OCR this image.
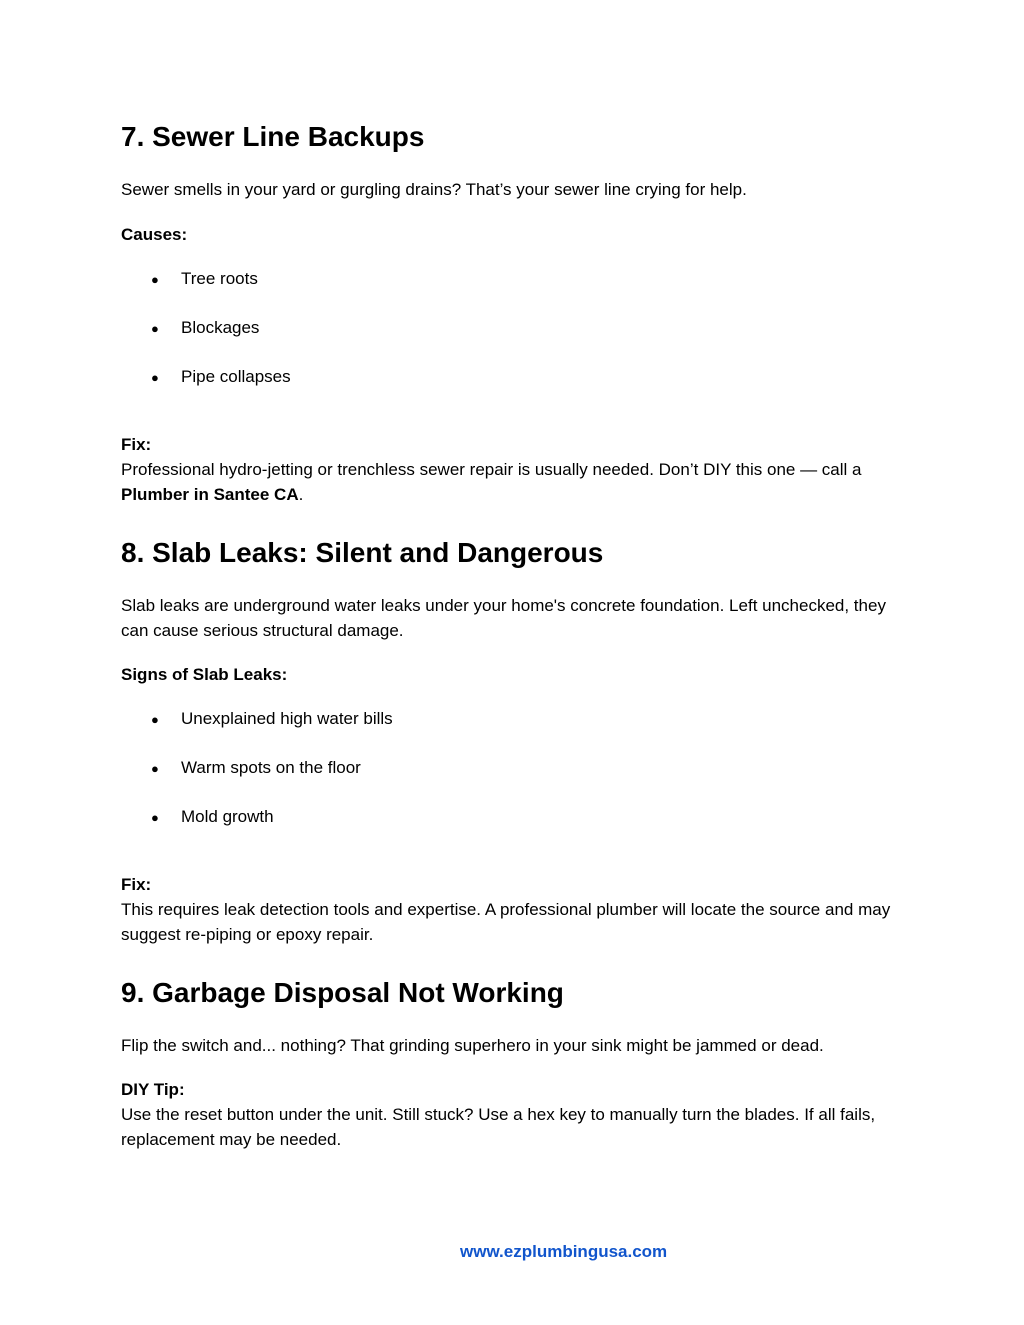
7. Sewer Line Backups

Sewer smells in your yard or gurgling drains? That’s your sewer line crying for help.

Causes:

● Tree roots
● Blockages
● Pipe collapses

Fix:

Professional hydro-jetting or trenchless sewer repair is usually needed. Don’t DIY this one — call a Plumber in Santee CA.

8. Slab Leaks: Silent and Dangerous

Slab leaks are underground water leaks under your home's concrete foundation. Left unchecked, they can cause serious structural damage.

Signs of Slab Leaks:

● Unexplained high water bills
● Warm spots on the floor
● Mold growth

Fix:

This requires leak detection tools and expertise. A professional plumber will locate the source and may suggest re-piping or epoxy repair.

9. Garbage Disposal Not Working

Flip the switch and... nothing? That grinding superhero in your sink might be jammed or dead.

DIY Tip:

Use the reset button under the unit. Still stuck? Use a hex key to manually turn the blades. If all fails, replacement may be needed.

www.ezplumbingusa.com
